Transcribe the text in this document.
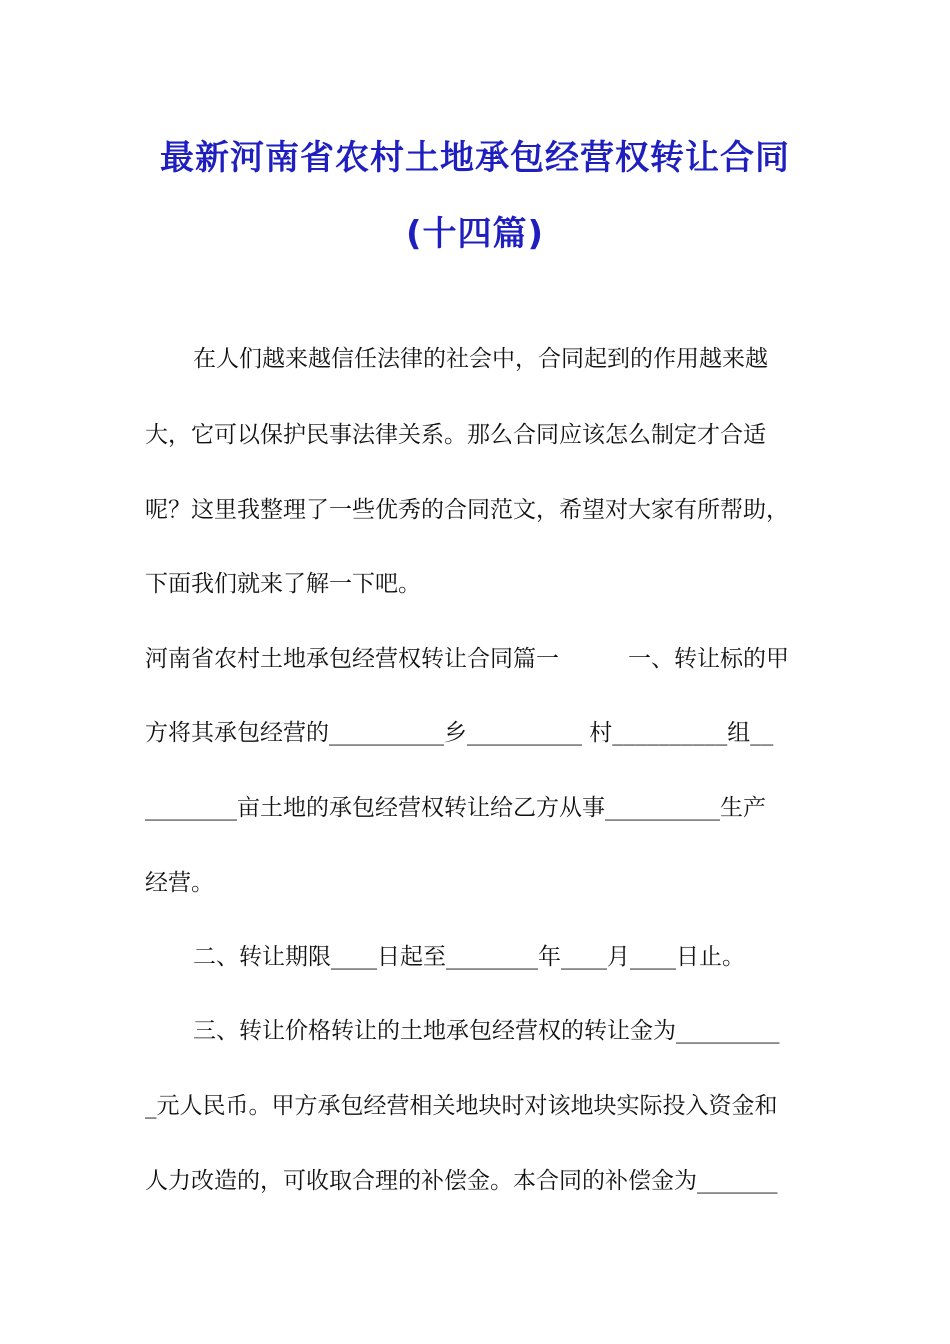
最新河南省农村土地承包经营权转让合同
(十四篇)
在人们越来越信任法律的社会中，合同起到的作用越来越
大，它可以保护民事法律关系。那么合同应该怎么制定才合适
呢？这里我整理了一些优秀的合同范文，希望对大家有所帮助，
下面我们就来了解一下吧。
河南省农村土地承包经营权转让合同篇一　　　一、转让标的甲
方将其承包经营的__________乡__________ 村__________组__
________亩土地的承包经营权转让给乙方从事__________生产
经营。
二、转让期限____日起至________年____月____日止。
三、转让价格转让的土地承包经营权的转让金为_________
_元人民币。甲方承包经营相关地块时对该地块实际投入资金和
人力改造的，可收取合理的补偿金。本合同的补偿金为_______
